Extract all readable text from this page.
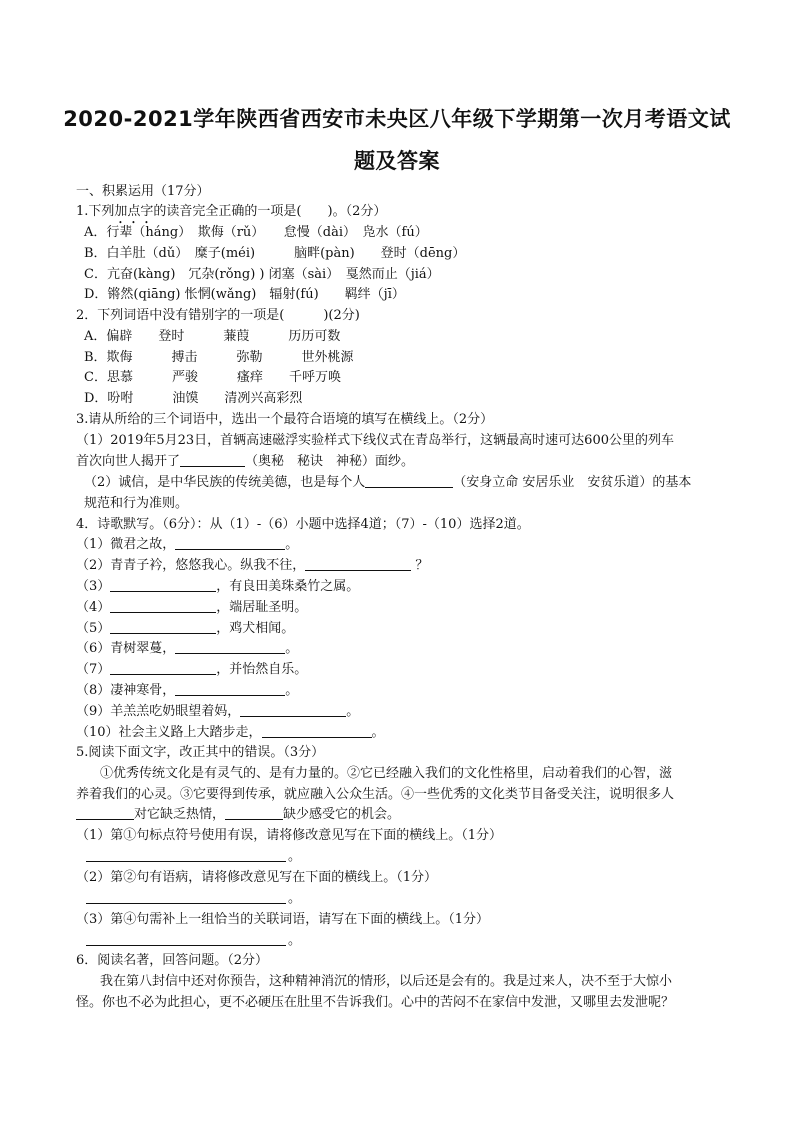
2020-2021学年陕西省西安市未央区八年级下学期第一次月考语文试
题及答案
一、积累运用（17分）
1.下列加点字的读音完全正确的一项是(　　)。（2分）
A．行辈（háng）　欺侮（rǔ）　　怠慢（dài）　凫水（fú）
B．白羊肚（dǔ）　糜子(méi)　　　脑畔(pàn)　　登时（dēng）
C．亢奋(kàng)　冗杂(rǒng) ) 闭塞（sài）　戛然而止（jiá）
D．锵然(qiāng) 怅惘(wǎng)　辐射(fú)　　羁绊（jī）
2．下列词语中没有错别字的一项是(　　　)(2分)
A．偏辟　　登时　　　蒹葭　　　历历可数
B．欺侮　　　搏击　　　弥勒　　　世外桃源
C．思慕　　　严骏　　　瘙痒　　千呼万唤
D．吩咐　　　油馍　　清冽兴高彩烈
3.请从所给的三个词语中，选出一个最符合语境的填写在横线上。（2分）
（1）2019年5月23日，首辆高速磁浮实验样式下线仪式在青岛举行，这辆最高时速可达600公里的列车
首次向世人揭开了	（奥秘　秘诀　神秘）面纱。
（2）诚信，是中华民族的传统美德，也是每个人	（安身立命 安居乐业　安贫乐道）的基本
规范和行为准则。
4．诗歌默写。（6分）：从（1）-（6）小题中选择4道；（7）-（10）选择2道。
（1）微君之故，	。
（2）青青子衿，悠悠我心。纵我不往，	？
（3）	，有良田美珠桑竹之属。
（4）	，端居耻圣明。
（5）	，鸡犬相闻。
（6）青树翠蔓，	。
（7）	，并怡然自乐。
（8）凄神寒骨，	。
（9）羊羔羔吃奶眼望着妈，	。
（10）社会主义路上大踏步走，	。
5.阅读下面文字，改正其中的错误。（3分）
①优秀传统文化是有灵气的、是有力量的。②它已经融入我们的文化性格里，启动着我们的心智，滋
养着我们的心灵。③它要得到传承，就应融入公众生活。④一些优秀的文化类节目备受关注，说明很多人
对它缺乏热情，	缺少感受它的机会。
（1）第①句标点符号使用有误，请将修改意见写在下面的横线上。（1分）
。
（2）第②句有语病，请将修改意见写在下面的横线上。（1分）
。
（3）第④句需补上一组恰当的关联词语，请写在下面的横线上。（1分）
。
6．阅读名著，回答问题。（2分）
我在第八封信中还对你预告，这种精神消沉的情形，以后还是会有的。我是过来人，决不至于大惊小
怪。你也不必为此担心，更不必硬压在肚里不告诉我们。心中的苦闷不在家信中发泄，又哪里去发泄呢？
